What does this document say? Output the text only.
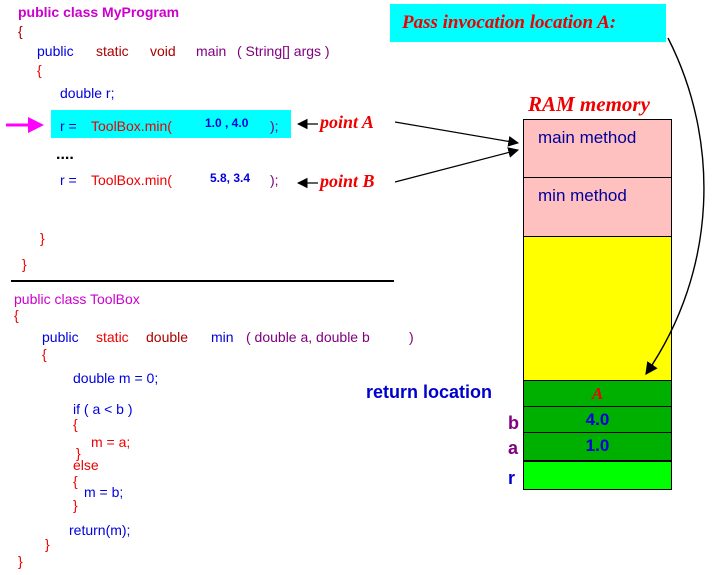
Pass invocation location A:
public class MyProgram
{
public static void main ( String[] args )
{
double r;
r = ToolBox.min(	1.0 , 4.0 );
....
r = ToolBox.min(	5.8, 3.4 );
}
}
public class ToolBox
{
public static double min ( double a, double b	)
{
double m = 0;
if ( a < b )
{
}
m = a;
else
{
m = b;
}
return(m);
}
}
point A
point B
RAM memory
main method
min method
A
4.0
1.0
return location
b
a
r
